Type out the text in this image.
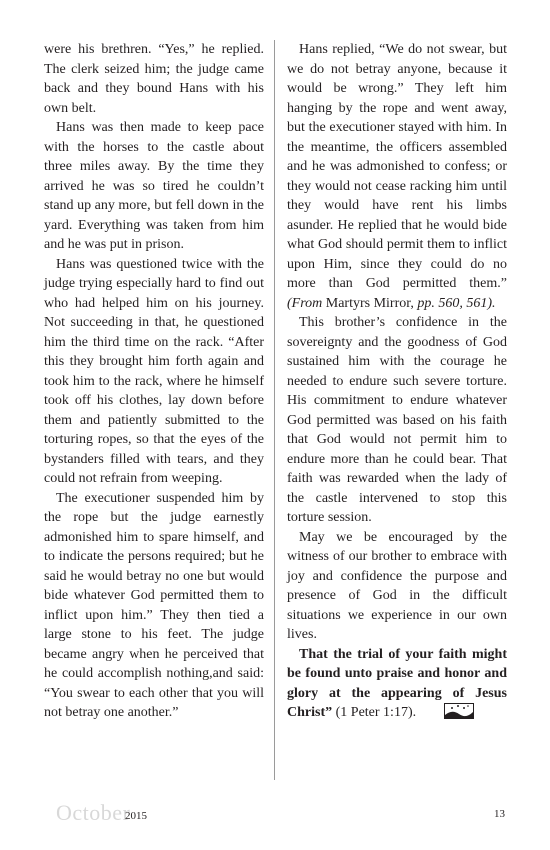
were his brethren. “Yes,” he replied. The clerk seized him; the judge came back and they bound Hans with his own belt.

Hans was then made to keep pace with the horses to the castle about three miles away. By the time they arrived he was so tired he couldn’t stand up any more, but fell down in the yard. Everything was taken from him and he was put in prison.

Hans was questioned twice with the judge trying especially hard to find out who had helped him on his journey. Not succeeding in that, he questioned him the third time on the rack. “After this they brought him forth again and took him to the rack, where he himself took off his clothes, lay down before them and patiently submitted to the torturing ropes, so that the eyes of the bystanders filled with tears, and they could not refrain from weeping.

The executioner suspended him by the rope but the judge earnestly admonished him to spare himself, and to indicate the persons required; but he said he would betray no one but would bide whatever God permitted them to inflict upon him.” They then tied a large stone to his feet. The judge became angry when he perceived that he could accomplish nothing,and said: “You swear to each other that you will not betray one another.”

Hans replied, “We do not swear, but we do not betray anyone, because it would be wrong.” They left him hanging by the rope and went away, but the executioner stayed with him. In the meantime, the officers assembled and he was admonished to confess; or they would not cease racking him until they would have rent his limbs asunder. He replied that he would bide what God should permit them to inflict upon Him, since they could do no more than God permitted them.” (From Martyrs Mirror, pp. 560, 561).

This brother’s confidence in the sovereignty and the goodness of God sustained him with the courage he needed to endure such severe torture. His commitment to endure whatever God permitted was based on his faith that God would not permit him to endure more than he could bear. That faith was rewarded when the lady of the castle intervened to stop this torture session.

May we be encouraged by the witness of our brother to embrace with joy and confidence the purpose and presence of God in the difficult situations we experience in our own lives.

That the trial of your faith might be found unto praise and honor and glory at the appearing of Jesus Christ” (1 Peter 1:17).

October
2015	13
